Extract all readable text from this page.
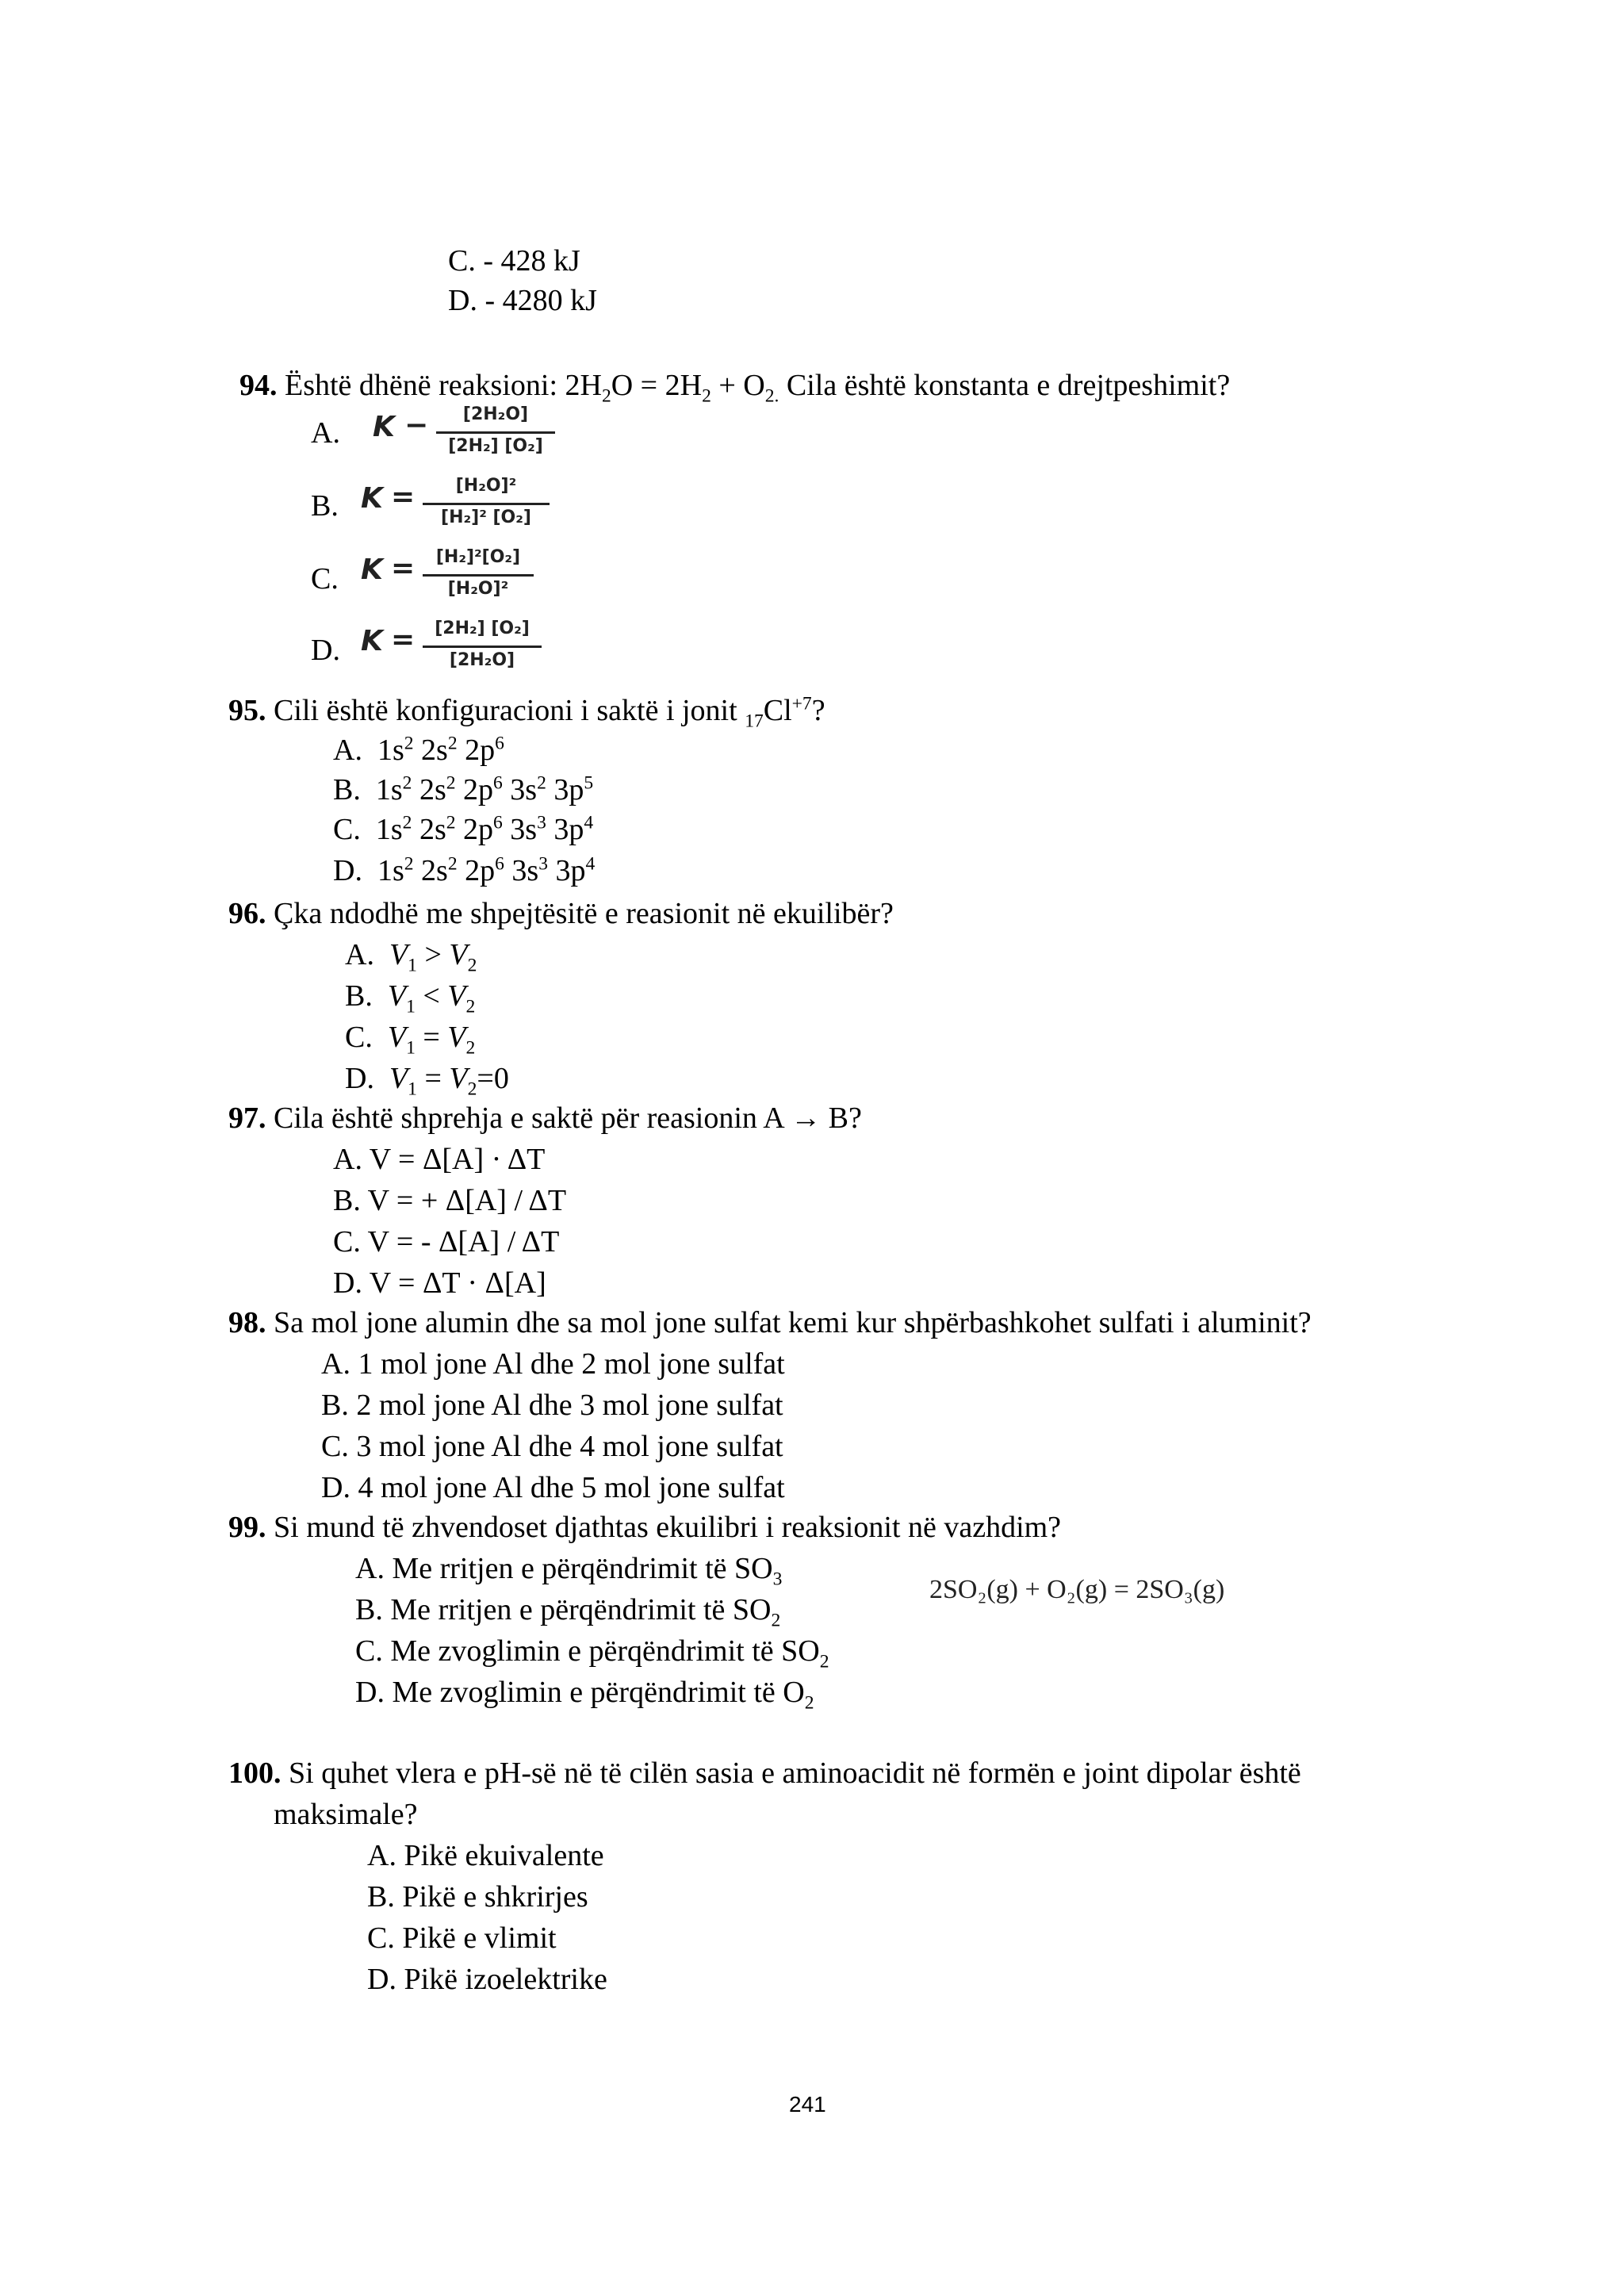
C. - 428 kJ
D. - 4280 kJ
94. Është dhënë reaksioni: $2H_2O = 2H_2 + O_{2.}$ Cila është konstanta e drejtpeshimit?
A. K −	[2H₂O]
[2H₂] [O₂]
B. K =	[H₂O]²
[H₂]² [O₂]
C. K =	[H₂]²[O₂]
[H₂O]²
D. K =	[2H₂] [O₂]
[2H₂O]
95. Cili është konfiguracioni i saktë i jonit $_{17}Cl^{+7}$?
A.  $1s^2$ $2s^2$ $2p^6$
B.  $1s^2$ $2s^2$ $2p^6$ $3s^2$ $3p^5$
C.  $1s^2$ $2s^2$ $2p^6$ $3s^3$ $3p^4$
D.  $1s^2$ $2s^2$ $2p^6$ $3s^3$ $3p^4$
96. Çka ndodhë me shpejtësitë e reasionit në ekuilibër?
A. $V_1 > V_2$
B. $V_1 < V_2$
C. $V_1 = V_2$
D. $V_1 = V_2=0$
97. Cila është shprehja e saktë për reasionin A → B?
A. V = Δ[A] · ΔT
B. V = + Δ[A] / ΔT
C. V = - Δ[A] / ΔT
D. V = ΔT · Δ[A]
98. Sa mol jone alumin dhe sa mol jone sulfat kemi kur shpërbashkohet sulfati i aluminit?
A. 1 mol jone Al dhe 2 mol jone sulfat
B. 2 mol jone Al dhe 3 mol jone sulfat
C. 3 mol jone Al dhe 4 mol jone sulfat
D. 4 mol jone Al dhe 5 mol jone sulfat
99. Si mund të zhvendoset djathtas ekuilibri i reaksionit në vazhdim?
A. Me rritjen e përqëndrimit të $SO_3$
B. Me rritjen e përqëndrimit të $SO_2$
C. Me zvoglimin e përqëndrimit të $SO_2$
D. Me zvoglimin e përqëndrimit të $O_2$
2SO₂(g) + O₂(g) = 2SO₃(g)
100. Si quhet vlera e pH-së në të cilën sasia e aminoacidit në formën e joint dipolar është
maksimale?
A. Pikë ekuivalente
B. Pikë e shkrirjes
C. Pikë e vlimit
D. Pikë izoelektrike
241
